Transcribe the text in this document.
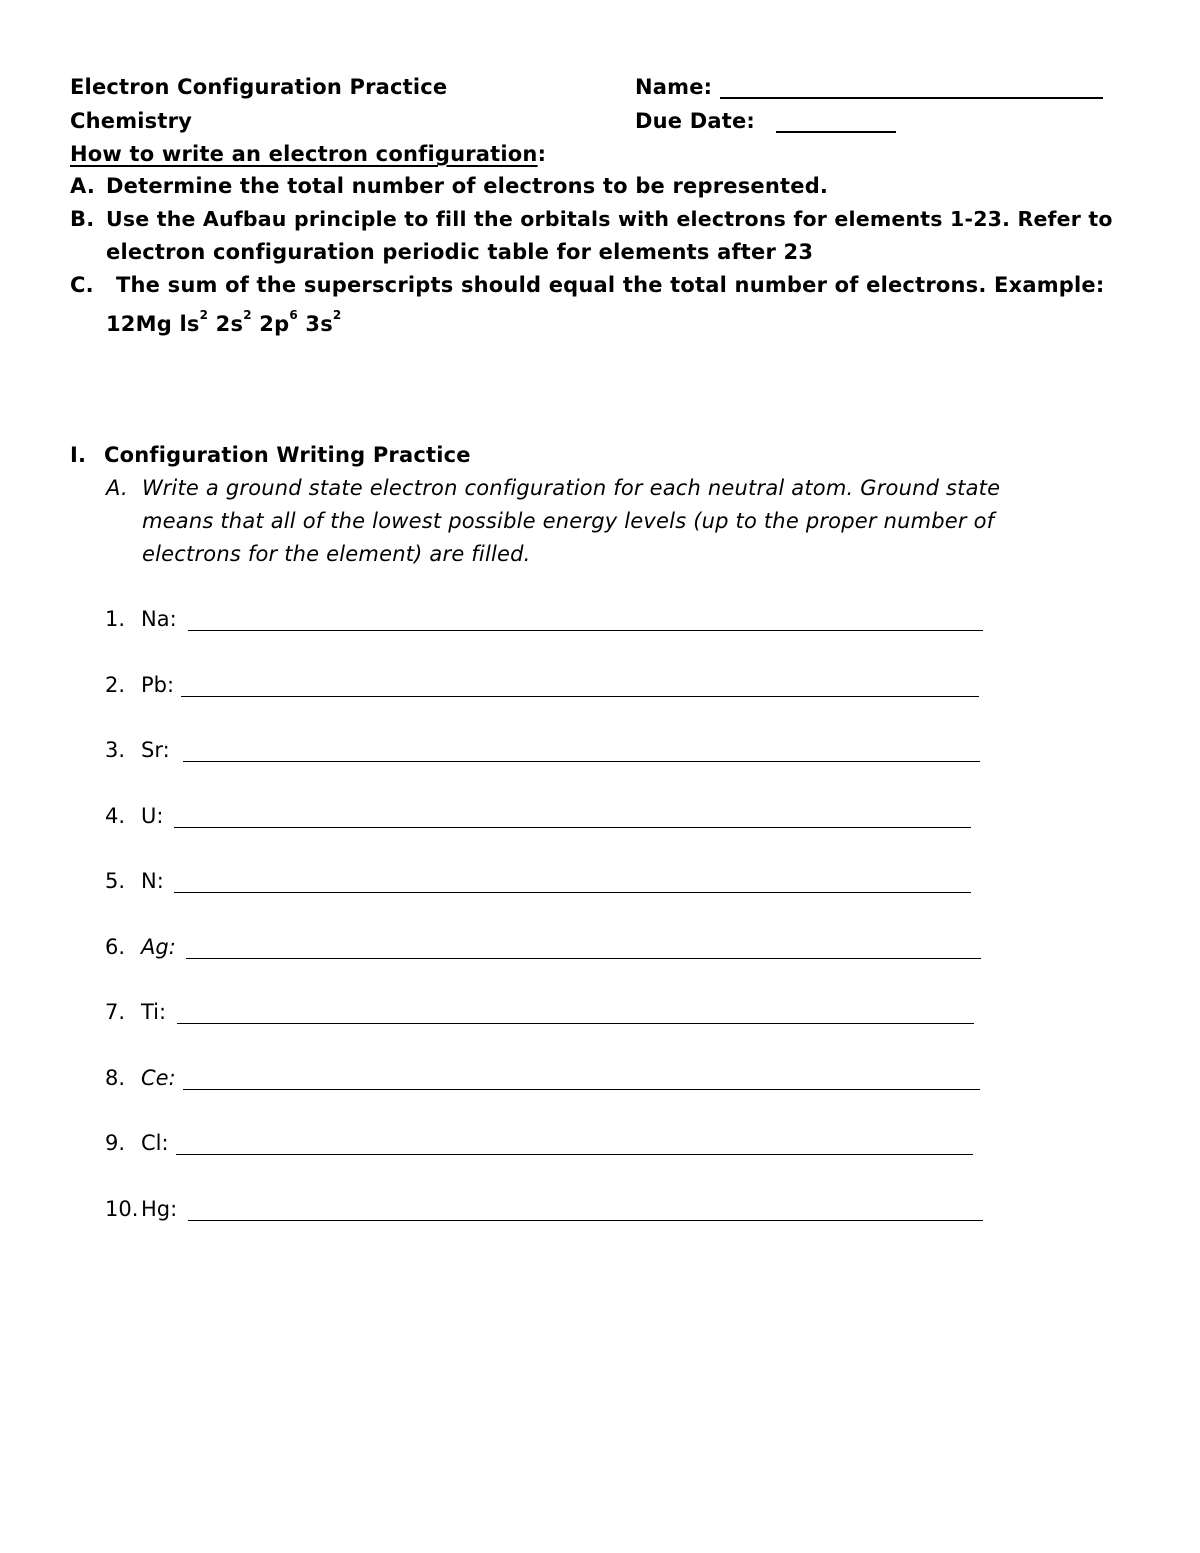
Electron Configuration Practice	Name:
Chemistry	Due Date:
How to write an electron configuration:
A. Determine the total number of electrons to be represented.
B. Use the Aufbau principle to fill the orbitals with electrons for elements 1-23. Refer to
electron configuration periodic table for elements after 23
C. The sum of the superscripts should equal the total number of electrons. Example:
12Mg $ls^2$ $2s^2$ $2p^6$ $3s^2$
I. Configuration Writing Practice
A. Write a ground state electron configuration for each neutral atom. Ground state
means that all of the lowest possible energy levels (up to the proper number of
electrons for the element) are filled.
1. Na:
2. Pb:
3. Sr:
4. U:
5. N:
6. Ag:
7. Ti:
8. Ce:
9. Cl:
10. Hg:
